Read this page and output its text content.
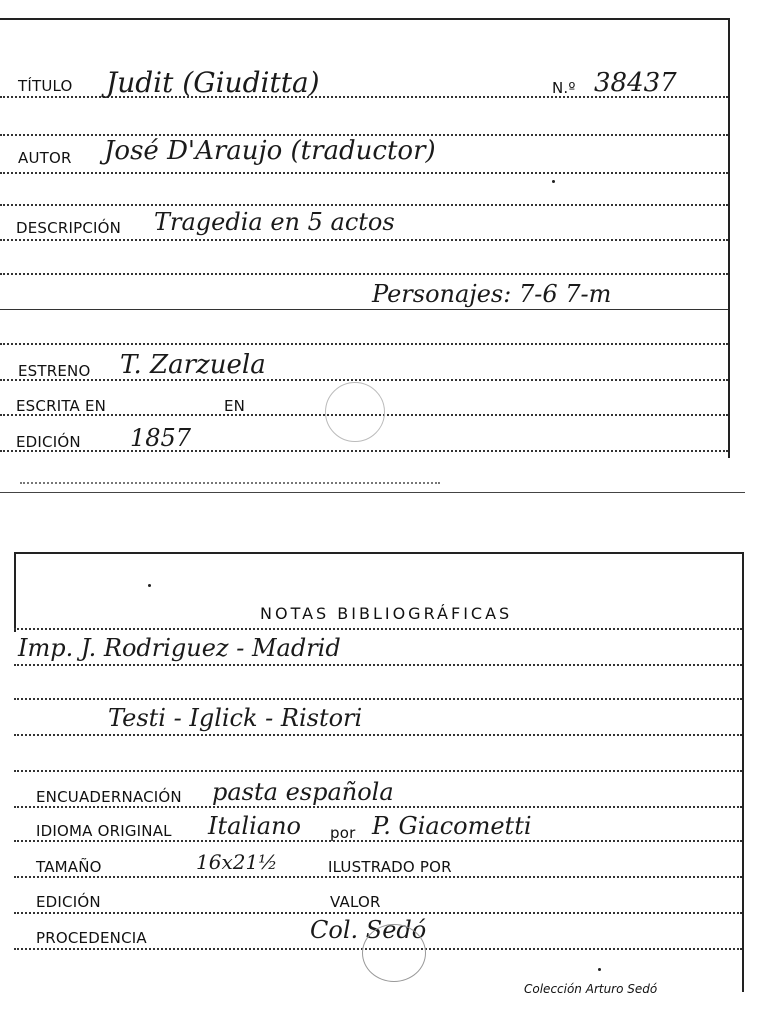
TÍTULO Judit (Giuditta)	N.º 38437
AUTOR José D'Araujo (traductor)
DESCRIPCIÓN Tragedia en 5 actos
Personajes: 7-6 7-m
ESTRENO T. Zarzuela
ESCRITA EN	EN
EDICIÓN 1857
NOTAS BIBLIOGRÁFICAS
Imp. J. Rodriguez - Madrid
Testi - Iglick - Ristori
ENCUADERNACIÓN pasta española
IDIOMA ORIGINAL Italiano por P. Giacometti
TAMAÑO	16x21½	ILUSTRADO POR
EDICIÓN	VALOR
PROCEDENCIA	Col. Sedó
Colección Arturo Sedó
